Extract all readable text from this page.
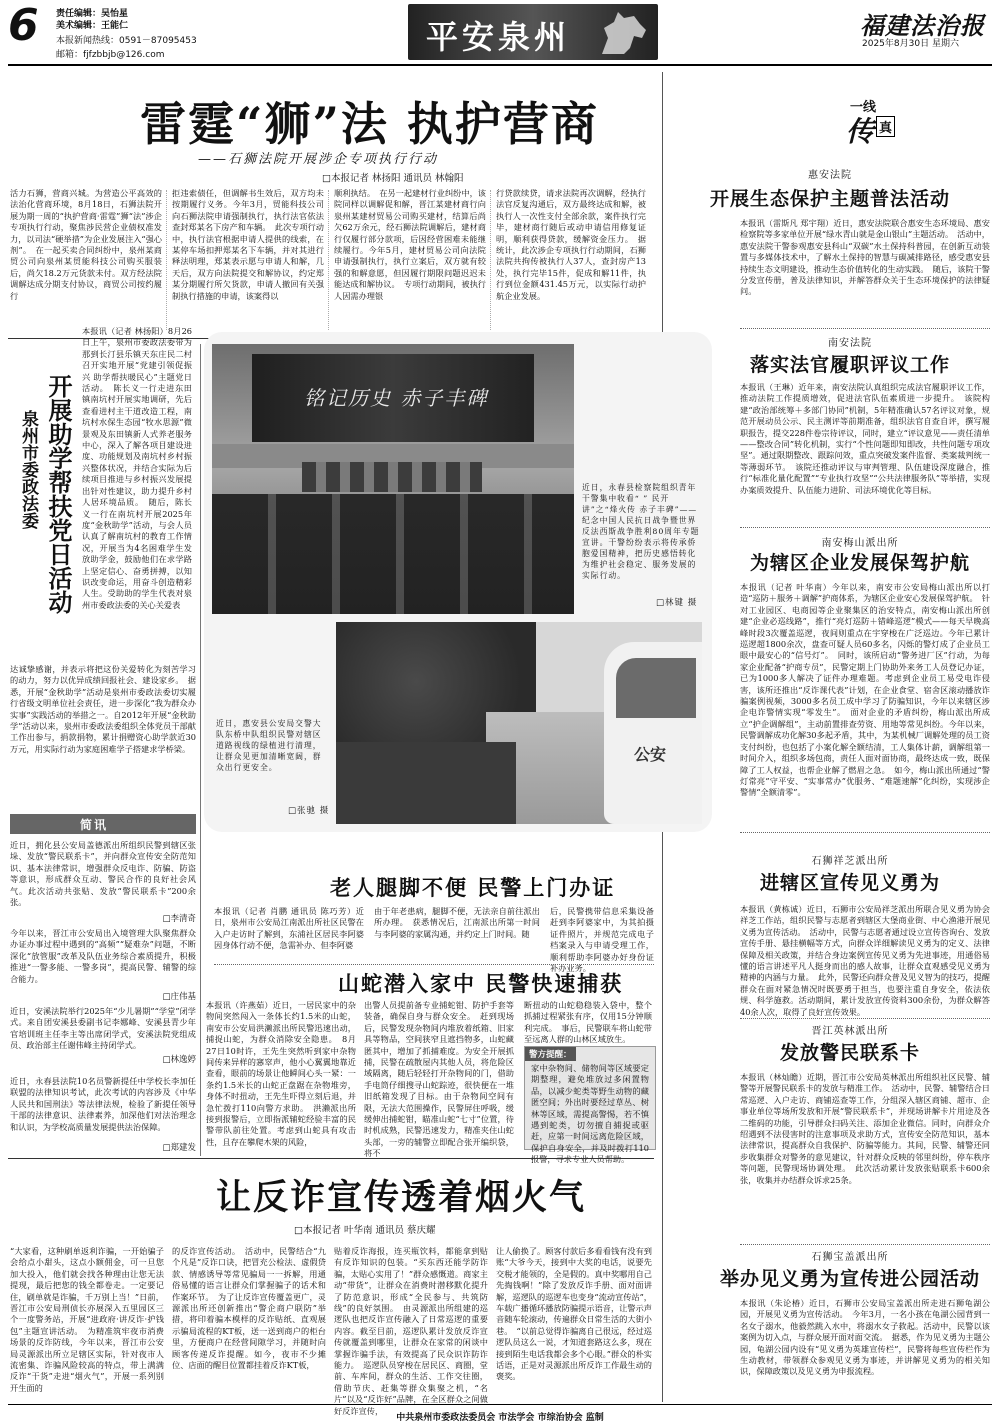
6 责任编辑：吴怡星
美术编辑：王能仁
本报新闻热线：0591－87095453
邮箱：fjfzbbjb@126.com	平安泉州	福建法治报
2025年8月30日 星期六
雷霆“狮”法 执护营商
——石狮法院开展涉企专项执行行动
□本报记者 林扬阳 通讯员 林翰阳
活力石狮，营商兴城。为营造公平高效的法治化营商环境，8月18日，石狮法院开展为期一周的“执护营商·雷霆”狮“法”涉企专项执行行动，聚焦涉民营企业债权准发力，以司法“硬举措”为企业发展注入“强心剂”。　在一起买卖合同纠纷中，泉州某商贸公司向泉州某贸能科技公司购买服装后，尚欠18.2万元货款未付。双方经法院调解达成分期支付协议，商贸公司按约履行
拒违索债任，但调解书生效后，双方均未按期履行义务。今年3月，贸能科技公司向石狮法院申请强制执行，执行法官依法查封郑某名下房产和车辆。　此次专项行动中，执行法官根据申请人提供的线索，在某停车场扣押郑某名下车辆，并对其进行释法明理，郑某表示愿与申请人和解，几天后，双方向法院提交和解协议，约定郑某分期履行所欠货款，申请人撤回有关强制执行措施的申请，该案得以
顺利执结。　在另一起建材行业纠纷中，该院同样以调解促和解，晋江某建材商行向泉州某建材贸易公司购买建材，结算后尚欠62万余元，经石狮法院调解后，建材商行仅履行部分款项，后因经营困难未能继续履行。今年5月，建材贸易公司向法院申请强制执行，执行立案后，双方就有较强的和解意愿，但因履行期限问题迟迟未能达成和解协议。　专项行动期间，被执行人因需办理银
行贷款续贷，请求法院再次调解，经执行法官反复沟通后，双方最终达成和解，被执行人一次性支付全部余款，案件执行完毕，建材商行随后或动申请信用修复证明，顺利获得贷款，缓解资金压力。　据统计，此次涉企专项执行行动期间，石狮法院共拘传被执行人37人，查封房产13处，执行完毕15件，促成和解11件，执行到位金额431.45万元，以实际行动护航企业发展。
一线
传 真
惠安法院
开展生态保护主题普法活动
本报讯（雷斯凡 郑宇翔）近日，惠安法院联合惠安生态环境局、惠安检察院等多家单位开展“绿水青山就是金山银山”主题活动。　活动中，惠安法院干警参观惠安县科山“双碳”水土保持科普园，在创新互动装置与多媒体技术中，了解水土保持的智慧与碳减排路径，感受惠安县持续生态文明建设，推动生态价值转化的生动实践。　随后，该院干警分发宣传册，普及法律知识，并解答群众关于生态环境保护的法律疑问。
南安法院
落实法官履职评议工作
本报讯（王琳）近年来，南安法院认真组织完成法官履职评议工作，推动法院工作提质增效，促进法官队伍素质进一步提升。　该院构建“政治部统筹＋多部门协同”机制，5年精准确认57名评议对象，规范开展动员公示、民主测评等前期准备，组织法官自查自评，撰写履职报告，提交228件卷宗待评议，同时，建立“评议意见——责任清单——整改合同”转化机制，实行“个性问题即知即改，共性问题专项攻坚”。通过限期整改、跟踪问效，重点突破发案件监督、类案裁判统一等薄弱环节。　该院还推动评议与审判管理、队伍建设深度融合，推行“标准化量化配置”“专业执行攻坚”“公共法律服务队”等举措，实现办案质效提升、队伍能力进阶、司法环境优化等目标。
南安梅山派出所
为辖区企业发展保驾护航
本报讯（记者 叶华南）今年以来，南安市公安局梅山派出所以打造“巡防＋服务＋调解”护商体系，为辖区企业安心发展保驾护航。　针对工业园区、电商园等企业聚集区的治安特点，南安梅山派出所创建“企业必巡线路”，推行“亮灯巡防＋错峰巡逻”模式——每天早晚高峰时段3次覆盖巡逻，夜间则重点在宇穿梭在广泛巡边。今年已累计巡逻超1800余次，盘查可疑人员60多名，闪烁的警灯成了企业员工眼中最安心的“信号灯”。　同时，该所启动“警务进厂区”行动，为每家企业配备“护商专员”，民警定期上门协助外来务工人员登记办证，已为1000多人解决了证件办理难题。考虑到企业员工易受电诈侵害，该所还推出“反诈课代表”计划，在企业食堂、宿舍区滚动播放诈骗案例视频，3000多名员工成中学习了防骗知识，今年以来辖区涉企电诈警情实现“零发生”。　面对企业的矛盾纠纷，梅山派出所成立“护企调解组”，主动前置排查劳资、用地等常见纠纷。今年以来，民警调解成功化解30多起矛盾，其中，为某机械厂调解处理的员工资支付纠纷，也包括了小案化解全额结清，工人集体计薪，调解组第一时间介入，组织多场包商，责任人面对面协商，最终达成一致，既保障了工人权益，也帮企业解了燃眉之急。　如今，梅山派出所通过“警灯常亮”守平安、“实事常办”优服务、“难题速解”化纠纷，实现涉企警情“全额清零”。
石狮祥芝派出所
进辖区宣传见义勇为
本报讯（黄栋诚）近日，石狮市公安局祥芝派出所联合见义勇为协会祥芝工作站，组织民警与志愿者到辖区大堡商业街、中心渔港开展见义勇为宣传活动。　活动中，民警与志愿者通过设立宣传咨询台、发放宣传手册、悬挂横幅等方式，向群众详细解读见义勇为的定义、法律保障及相关政策，并结合身边案例宣传见义勇为先进事迹，用通俗易懂的语言讲述平凡人挺身而出的感人故事，让群众直观感受见义勇为精神的内涵与力量。　此外，民警还向群众普及见义智为的技巧，提醒群众在面对紧急情况时既要勇于担当，也要注重自身安全，依法依规、科学施救。活动期间，累计发放宣传资料300余份，为群众解答40余人次，取得了良好宣传效果。
晋江英林派出所
发放警民联系卡
本报讯（林灿瞻）近期，晋江市公安局英林派出所组织社区民警、辅警等开展警民联系卡的发放与精准工作。　活动中，民警、辅警结合日常巡逻、入户走访、商铺巡查等工作，分组深入辖区商铺、超市、企事业单位等场所发放和开展“警民联系卡”，并现场讲解卡片用途及各二维码的功能，引导群众扫码关注、添加企业微信。同时，向群众介绍遇到不法侵害时的注意事项及求助方式，宣传安全防范知识，基本法律常识，提高群众自我保护、防骗等能力。其间，民警、辅警还同步收集群众对警务的意见建议，针对群众反映的邻里纠纷，停车秩序等问题，民警现场协调处理。　此次活动累计发放张贴联系卡600余张，收集并办结群众诉求25条。
石狮宝盖派出所
举办见义勇为宣传进公园活动
本报讯（朱论椿）近日，石狮市公安局宝盖派出所走进石狮龟湖公园，开展见义勇为宣传活动。　今年3月，一名小孩在龟湖公园背到一名女子溺水，他毅然跳入水中，将溺水女子救起。活动中，民警以该案例为切入点，与群众展开面对面交流。　据悉，作为见义勇为主题公园，龟湖公园内设有“见义勇为英雄宣传栏”，民警将每些宣传栏作为生动教材，带领群众参观见义勇为事迹，并讲解见义勇为的相关知识，保障政策以及见义勇为申报流程。
开展助学帮扶党日活动
泉州市委政法委
本报讯（记者 林扬阳）8月26日上午，泉州市委政法委带为那到长汀县乐镇天东庄民二村召开实地开展“党建引领促振兴 助学帮扶暖民心”主题党日活动。　陈长义一行走进东田镇南坑村开展实地调研，先后查看进村主干道改造工程，南坑村水保生态园“牧水思源”微景观及东田镇新人式养老服务中心，深入了解各项目建设进度、功能规划及南坑村乡村振兴整体状况，并结合实际为后续项目推进与乡村振兴发展提出针对性建议，助力提升乡村人居环境品质。　随后，陈长义一行在南坑村开展2025年度“金秋助学”活动，与会人员认真了解南坑村的教育工作情况，开展当为4名困难学生发放助学金，鼓励他们在求学路上坚定信心、奋勇拼搏，以知识改变命运，用奋斗创造精彩人生。受助助的学生代表对泉州市委政法委的关心关爱表
达诚挚感谢，并表示将把这份关爱转化为刻苦学习的动力，努力以优异成绩回报社会、建设家乡。　据悉，开展“金秋助学”活动是泉州市委政法委切实履行省级文明单位社会责任，进一步深化“我为群众办实事”实践活动的举措之一。自2012年开展“金秋助学”活动以来，泉州市委政法委组织全体党员干部献工作出参与，捐款捐物，累计捐赠资心助学款近30万元，用实际行动为家庭困难学子搭建求学桥梁。
简讯
近日，拥化县公安局盖德派出所组织民警到辖区张垛、发放“警民联系卡”，并向群众宣传安全防范知识、基本法律常识，增强群众反电诈、防骗、防盗等意识，形成群众互动、警民合作的良好社会风气。此次活动共张贴、发放“警民联系卡”200余张。
□李清奇
今年以来，晋江市公安局出入境管理大队聚焦群众办证办事过程中遇到的“高频”“疑难杂”问题，不断深化“放管服”改革及队伍业务综合素质提升，积极推进“一警多能、一警多岗”，提高民警、辅警的综合能力。
□庄伟基
近日，安溪法院举行2025年“少儿暑期”“学堂”闭学式。来自团安溪县委副书记李娜峰、安溪县青少年官培训班主任李主等出席闭学式，安溪法院党组成员、政治部主任谢伟峰主持闭学式。
□林逸婷
近日，永春县法院10名员警新提任中学校长李加任联盟的法律知识考试，此次考试的内容涉及《中华人民共和国刑法》等法律法规，检验了新提任领导干部的法律意识、法律素养，加深他们对法治理念和认识，为学校高质量发展提供法治保障。
□郑建发
铭记历史 赤子丰碑
近日，永春县检察院组织青年干警集中收看“ ” 民开讲”之“烽火传 赤子丰碑”——纪念中国人民抗日战争暨世界反法西斯战争胜利80周年专题宣讲。干警纷纷表示将传承侨胞爱国精神，把历史感悟转化为维护社会稳定、服务发展的实际行动。
□林键 摄
公安
近日，惠安县公安局交警大队东桥中队组织民警对辖区道路视线的绿植进行清理，让群众见更加清晰宽阔，群众出行更安全。
□张驰 摄
老人腿脚不便 民警上门办证
本报讯（记者 肖鹏 通讯员 陈巧芳）近日，泉州市公安局江南派出所社区民警在入户走访时了解到，东浦社区居民李阿婆因身体行动不便，急需补办、但李阿婆
由于年老患病，腿脚不便，无法亲自前往派出所办理。　获悉情况后，江南派出所第一时间与李阿婆的家属沟通，并约定上门时间。随
后，民警携带信息采集设备赶到李阿婆家中，为其拍摄证件照片，并规范完成电子档案录入与申请受理工作，顺利帮助李阿婆办好身份证补办业务。
山蛇潜入家中 民警快速捕获
本报讯（许燕茹）近日，一居民家中的杂物间突然闯入一条体长约1.5米的山蛇，南安市公安局洪濑派出所民警迅速出动，捕捉山蛇，为群众消除安全隐患。　8月27日10时许，王先生突然听到家中杂物间传来异样的窸窣声，他小心翼翼地靠近查看，眼前的场景让他瞬间心头一紧：一条约1.5米长的山蛇正盘踞在杂物堆旁，身体不时扭动，王先生吓得立刻后退，并急忙拨打110向警方求助。　洪濑派出所接到报警后，立即指派辅蛇经验丰富的民警带队前往处置。考虑到山蛇具有攻击性，且存在攀爬木架的风险，
出警人员提前备专业捕蛇钳、防护手套等装备，确保自身与群众安全。　赶到现场后，民警发现杂物间内堆放着纸箱、旧家具等物品，空间狭窄且遮挡物多，山蛇藏匿其中，增加了抓捕难度。为安全开展抓捕，民警在疏散屋内其他人员，将危险区域隔离，随后轻轻打开杂物间的门，借助手电筒仔细搜寻山蛇踪迹，很快便在一堆旧纸箱发现了目标。由于杂物间空间有限，无法大范围操作，民警屏住呼吸，缓缓伸出捕蛇钳，瞄准山蛇“七寸”位置，待时机成熟，民警迅速发力，精准夹住山蛇头部，一旁的辅警立即配合张开编织袋，将不
断扭动的山蛇稳稳装入袋中，整个抓捕过程紧张有序，仅用15分钟顺利完成。　事后，民警联车将山蛇带至远离人群的山林区域放生。
警方提醒：
家中杂物间、储物间等区域要定期整理，避免堆放过多闲置物品，以减少蛇类等野生动物的藏匿空间；外出时要经过草丛、树林等区域，需提高警惕，若不慎遇到蛇类，切勿擅自捕捉或驱赶，应第一时间远离危险区域，保护自身安全，并及时拨打110报警，寻求专业人员帮助。
让反诈宣传透着烟火气
□本报记者 叶华南 通讯员 蔡庆耀
“大家看，这种刷单返利诈骗，一开始骗子会给点小甜头，这点小额佣金，可一旦您加大投入，他们就会找各种理由让您无法提现，最后把您的钱全都卷走。一定要记住，刷单就是诈骗，千万别上当！”日前，晋江市公安局刑侦长亦展深入五里园区三个一度警务站，开展“进政府·讲反诈·护钱包”主题宣讲活动。　为精准筑牢夜市消费场景的反诈防线，今年以来，晋江市公安局灵源派出所立足辖区实际，针对夜市人流密集、诈骗风险较高的特点，带上满满反诈“干货”走进“烟火气”，开展一系列别开生面的
的反诈宣传活动。　活动中，民警结合“九个凡是”反诈口诀，把冒充公检法、虚假贷款、情感诱导等常见骗局一一拆解，用通俗易懂的语言让群众们掌握骗子的话术和作案环节。　为了让反诈宣传覆盖更广，灵源派出所还创新推出“警企商户联防”举措，将印着骗本模样的反诈贴纸、直观展示骗局流程的KT板，送一送到商户的柜台里，方便商户在经营间隙学习，并随时向顾客传递反诈提醒。如今，夜市不少摊位、店面的醒目位置都挂着反诈KT板，
贴着反诈海报，连买瓶饮料，都能拿到贴有反诈知识的包装。“买东西还能学防诈骗，太贴心实用了！”群众感慨道。商家主动“带货”，让群众在消费时潜移默化提升了防范意识，形成“全民参与、共筑防线”的良好氛围。　由灵源派出所组建的巡逻队也把反诈宣传融入了日常巡逻的重要内容。截至目前，巡逻队累计发放反诈宣传就覆盖到哪里，让群众在家常的闲谈中掌握诈骗手法，有效提高了民众识诈防诈能力。　巡逻队员穿梭在居民区、商圈，堂前、车库间，群众的生活、工作交往圈，借助节庆、赶集等群众集聚之机，“名片”以及“反诈好”品牌，在全区群众之间做好反诈宣传，
让人偷换了。顾客付款后多看看钱有没有到账“大爷今天，接到中大奖的电话，说要先交税才能领的，全是假的。真中奖哪用自己先掏钱啊！”除了发放反诈手册、面对面讲解，巡逻队的巡逻车也变身“流动宣传站”，车载广播循环播放防骗提示语音，让警示声音随车轮滚动，传遍群众日常生活的大街小巷。　“以前总觉得诈骗离自己很远，经过巡逻队员这么一说，才知道套路这么多，现在接到陌生电话我都会多个心眼。”群众的朴实话语，正是对灵源派出所反诈工作最生动的褒奖。
中共泉州市委政法委员会 市法学会 市综治协会 监制
